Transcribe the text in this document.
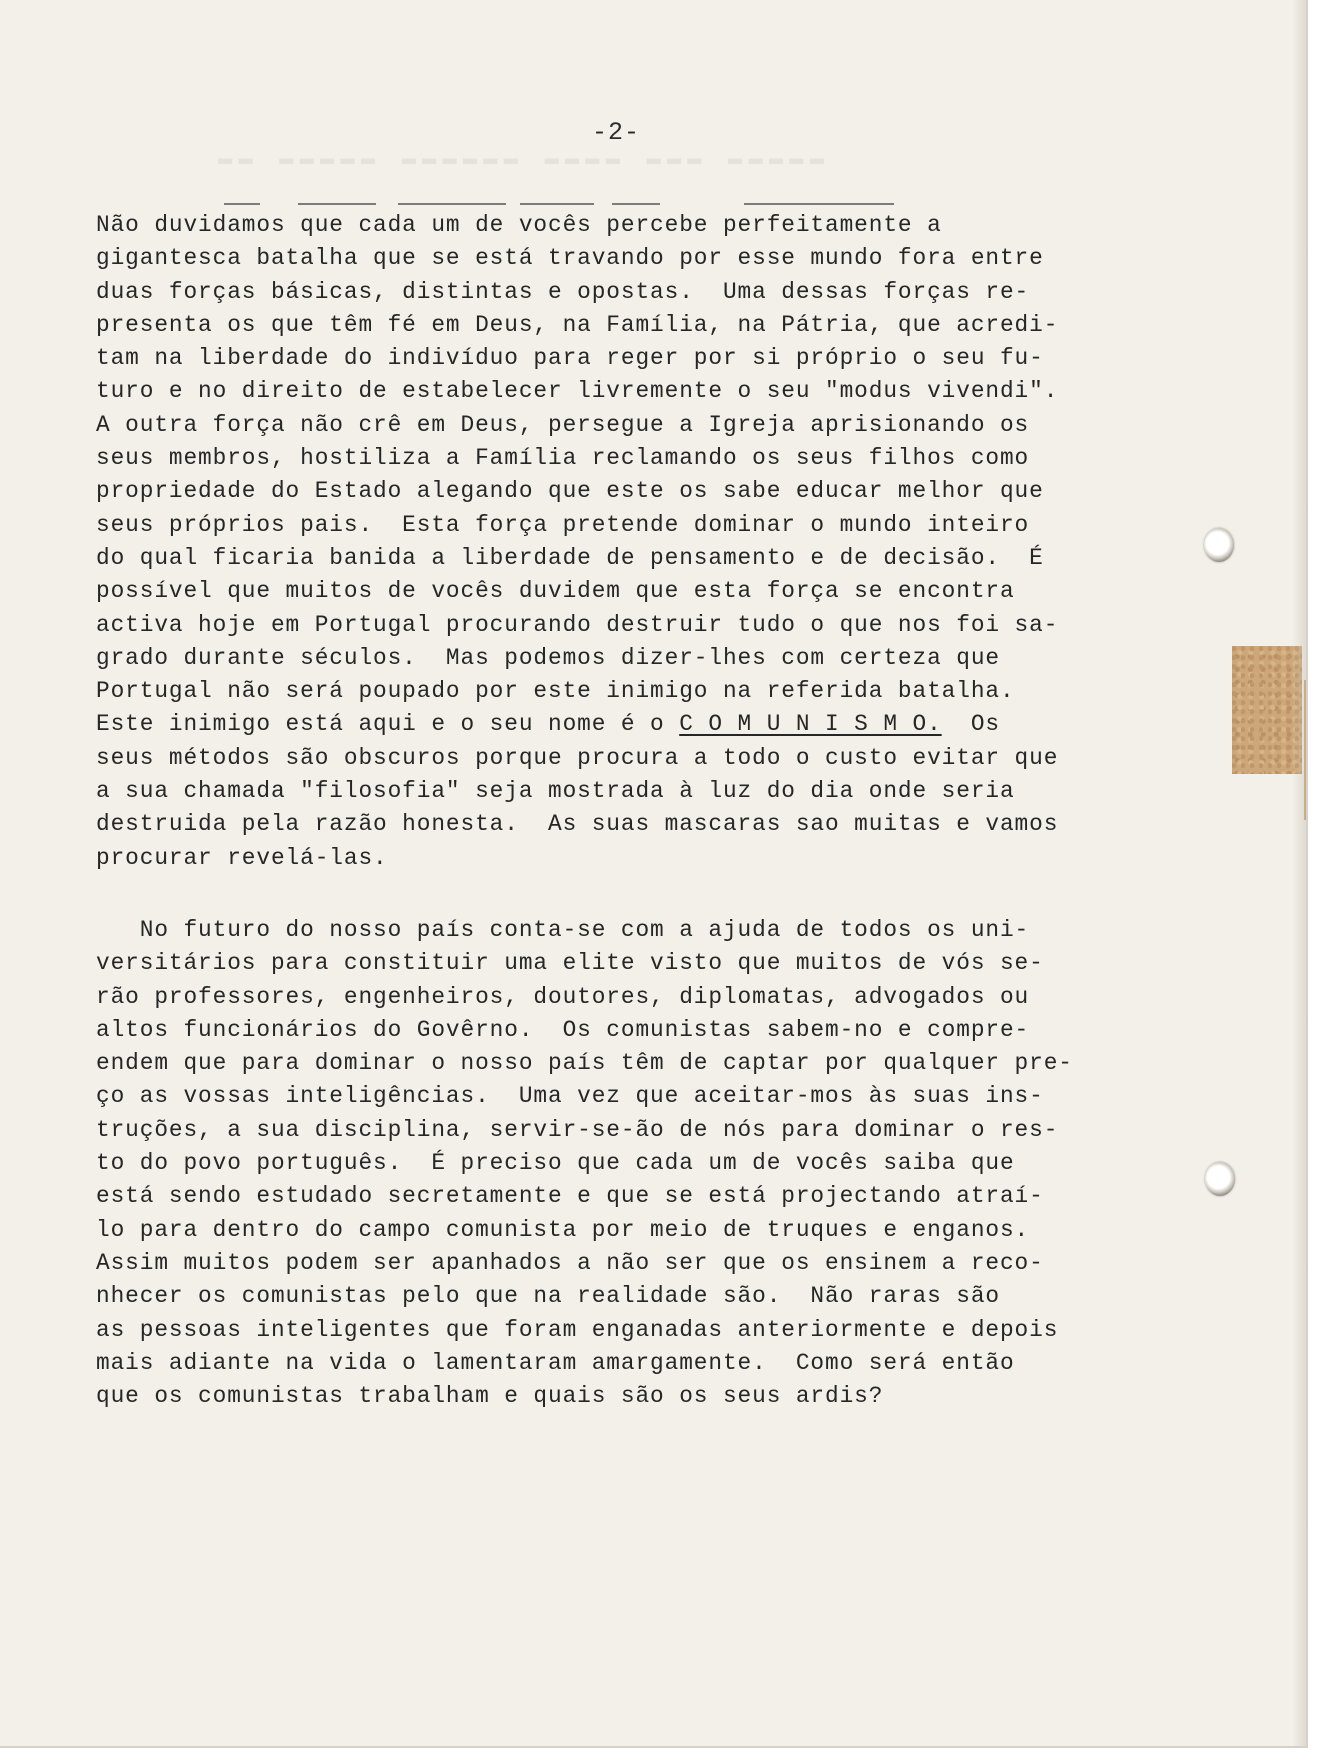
▬▬ ▬▬▬▬▬ ▬▬▬▬▬▬ ▬▬▬▬ ▬▬▬ ▬▬▬▬▬
-2-
Não duvidamos que cada um de vocês percebe perfeitamente a
gigantesca batalha que se está travando por esse mundo fora entre
duas forças básicas, distintas e opostas.  Uma dessas forças re-
presenta os que têm fé em Deus, na Família, na Pátria, que acredi-
tam na liberdade do indivíduo para reger por si próprio o seu fu-
turo e no direito de estabelecer livremente o seu "modus vivendi".
A outra força não crê em Deus, persegue a Igreja aprisionando os
seus membros, hostiliza a Família reclamando os seus filhos como
propriedade do Estado alegando que este os sabe educar melhor que
seus próprios pais.  Esta força pretende dominar o mundo inteiro
do qual ficaria banida a liberdade de pensamento e de decisão.  É
possível que muitos de vocês duvidem que esta força se encontra
activa hoje em Portugal procurando destruir tudo o que nos foi sa-
grado durante séculos.  Mas podemos dizer-lhes com certeza que
Portugal não será poupado por este inimigo na referida batalha.
Este inimigo está aqui e o seu nome é o C O M U N I S M O.  Os
seus métodos são obscuros porque procura a todo o custo evitar que
a sua chamada "filosofia" seja mostrada à luz do dia onde seria
destruida pela razão honesta.  As suas mascaras sao muitas e vamos
procurar revelá-las.
No futuro do nosso país conta-se com a ajuda de todos os uni-
versitários para constituir uma elite visto que muitos de vós se-
rão professores, engenheiros, doutores, diplomatas, advogados ou
altos funcionários do Govêrno.  Os comunistas sabem-no e compre-
endem que para dominar o nosso país têm de captar por qualquer pre-
ço as vossas inteligências.  Uma vez que aceitar-mos às suas ins-
truções, a sua disciplina, servir-se-ão de nós para dominar o res-
to do povo português.  É preciso que cada um de vocês saiba que
está sendo estudado secretamente e que se está projectando atraí-
lo para dentro do campo comunista por meio de truques e enganos.
Assim muitos podem ser apanhados a não ser que os ensinem a reco-
nhecer os comunistas pelo que na realidade são.  Não raras são
as pessoas inteligentes que foram enganadas anteriormente e depois
mais adiante na vida o lamentaram amargamente.  Como será então
que os comunistas trabalham e quais são os seus ardis?
